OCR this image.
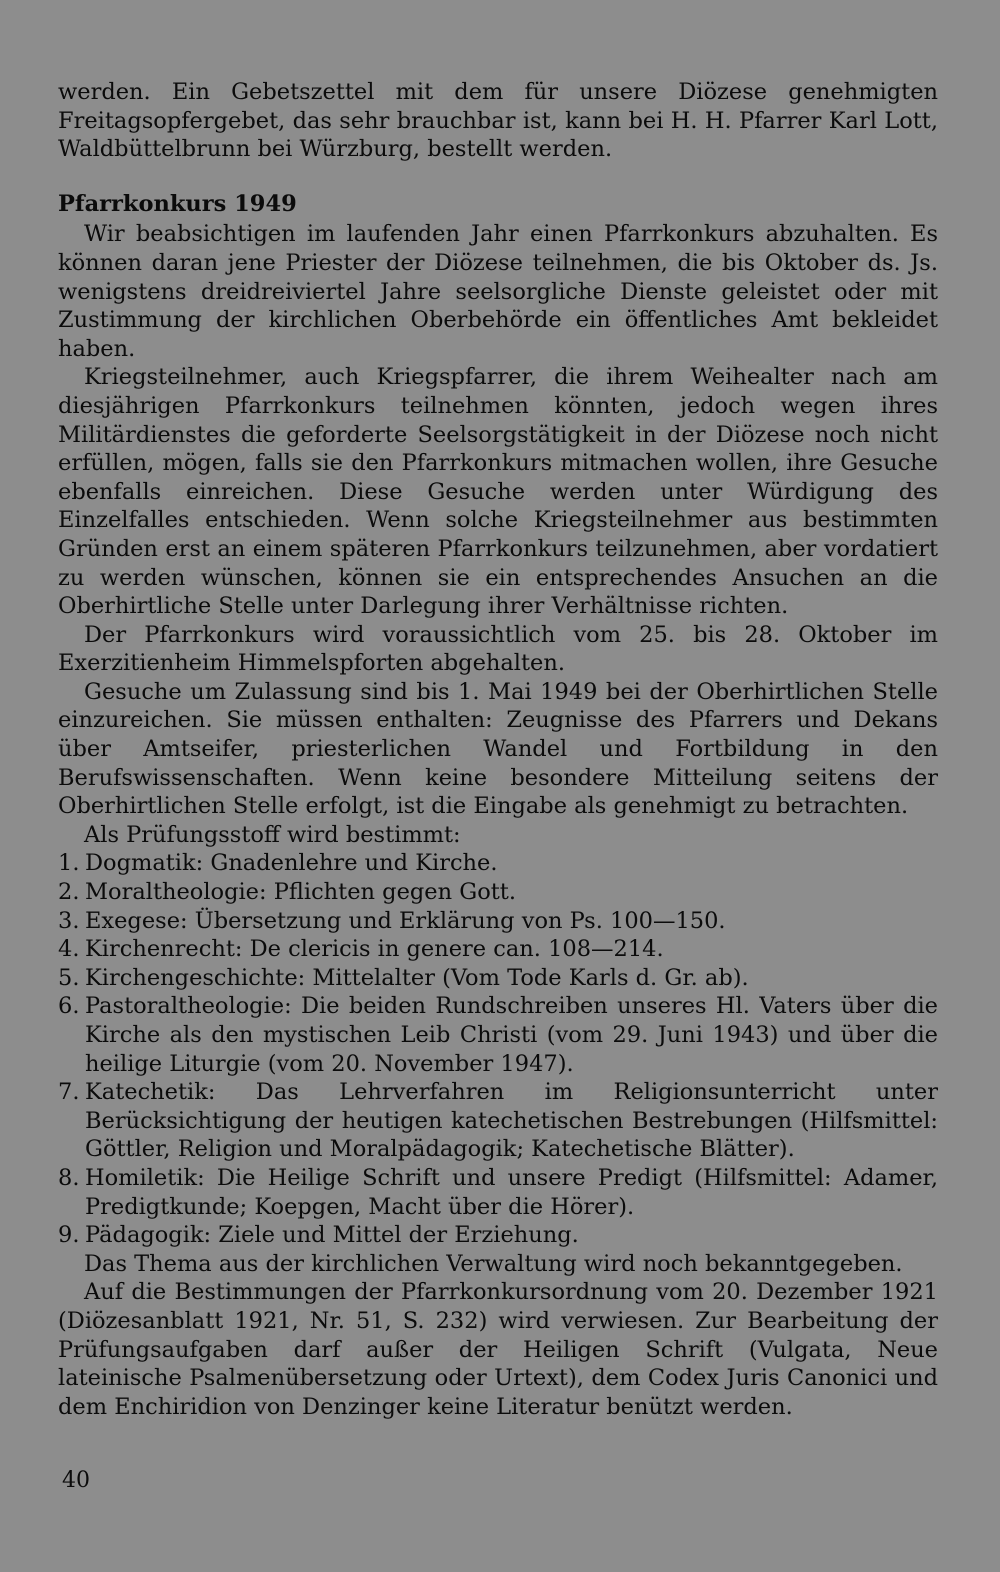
werden. Ein Gebetszettel mit dem für unsere Diözese genehmigten Freitagsopfergebet, das sehr brauchbar ist, kann bei H. H. Pfarrer Karl Lott, Waldbüttelbrunn bei Würzburg, bestellt werden.

Pfarrkonkurs 1949

Wir beabsichtigen im laufenden Jahr einen Pfarrkonkurs abzuhalten. Es können daran jene Priester der Diözese teilnehmen, die bis Oktober ds. Js. wenigstens dreidreiviertel Jahre seelsorgliche Dienste geleistet oder mit Zustimmung der kirchlichen Oberbehörde ein öffentliches Amt bekleidet haben.

Kriegsteilnehmer, auch Kriegspfarrer, die ihrem Weihealter nach am diesjährigen Pfarrkonkurs teilnehmen könnten, jedoch wegen ihres Militärdienstes die geforderte Seelsorgstätigkeit in der Diözese noch nicht erfüllen, mögen, falls sie den Pfarrkonkurs mitmachen wollen, ihre Gesuche ebenfalls einreichen. Diese Gesuche werden unter Würdigung des Einzelfalles entschieden. Wenn solche Kriegsteilnehmer aus bestimmten Gründen erst an einem späteren Pfarrkonkurs teilzunehmen, aber vordatiert zu werden wünschen, können sie ein entsprechendes Ansuchen an die Oberhirtliche Stelle unter Darlegung ihrer Verhältnisse richten.

Der Pfarrkonkurs wird voraussichtlich vom 25. bis 28. Oktober im Exerzitienheim Himmelspforten abgehalten.

Gesuche um Zulassung sind bis 1. Mai 1949 bei der Oberhirtlichen Stelle einzureichen. Sie müssen enthalten: Zeugnisse des Pfarrers und Dekans über Amtseifer, priesterlichen Wandel und Fortbildung in den Berufswissenschaften. Wenn keine besondere Mitteilung seitens der Oberhirtlichen Stelle erfolgt, ist die Eingabe als genehmigt zu betrachten.

Als Prüfungsstoff wird bestimmt:

1. Dogmatik: Gnadenlehre und Kirche.
2. Moraltheologie: Pflichten gegen Gott.
3. Exegese: Übersetzung und Erklärung von Ps. 100—150.
4. Kirchenrecht: De clericis in genere can. 108—214.
5. Kirchengeschichte: Mittelalter (Vom Tode Karls d. Gr. ab).
6. Pastoraltheologie: Die beiden Rundschreiben unseres Hl. Vaters über die Kirche als den mystischen Leib Christi (vom 29. Juni 1943) und über die heilige Liturgie (vom 20. November 1947).
7. Katechetik: Das Lehrverfahren im Religionsunterricht unter Berücksichtigung der heutigen katechetischen Bestrebungen (Hilfsmittel: Göttler, Religion und Moralpädagogik; Katechetische Blätter).
8. Homiletik: Die Heilige Schrift und unsere Predigt (Hilfsmittel: Adamer, Predigtkunde; Koepgen, Macht über die Hörer).
9. Pädagogik: Ziele und Mittel der Erziehung.

Das Thema aus der kirchlichen Verwaltung wird noch bekanntgegeben.

Auf die Bestimmungen der Pfarrkonkursordnung vom 20. Dezember 1921 (Diözesanblatt 1921, Nr. 51, S. 232) wird verwiesen. Zur Bearbeitung der Prüfungsaufgaben darf außer der Heiligen Schrift (Vulgata, Neue lateinische Psalmenübersetzung oder Urtext), dem Codex Juris Canonici und dem Enchiridion von Denzinger keine Literatur benützt werden.

40
